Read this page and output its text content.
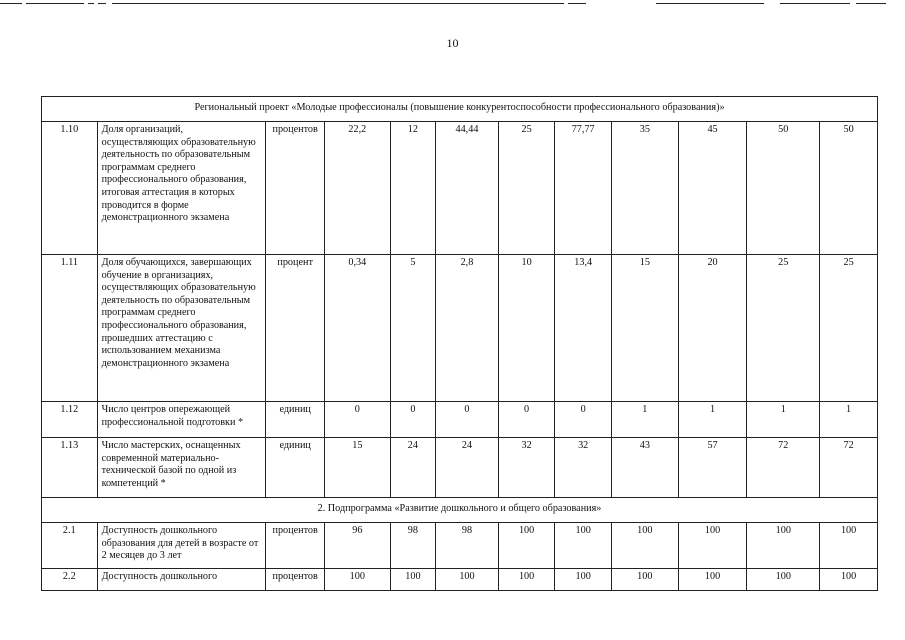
10
Региональный проект «Молодые профессионалы (повышение конкурентоспособности профессионального образования)»											
1.10	Доля организаций, осуществляющих образовательную деятельность по образовательным программам среднего профессионального образования, итоговая аттестация в которых проводится в форме демонстрационного экзамена	процентов	22,2	12	44,44	25	77,77	35	45	50	50
1.11	Доля обучающихся, завершающих обучение в организациях, осуществляющих образовательную деятельность по образовательным программам среднего профессионального образования, прошедших аттестацию с использованием механизма демонстрационного экзамена	процент	0,34	5	2,8	10	13,4	15	20	25	25
1.12	Число центров опережающей профессиональной подготовки *	единиц	0	0	0	0	0	1	1	1	1
1.13	Число мастерских, оснащенных современной материально-технической базой по одной из компетенций *	единиц	15	24	24	32	32	43	57	72	72
2. Подпрограмма «Развитие дошкольного и общего образования»											
2.1	Доступность дошкольного образования для детей в возрасте от 2 месяцев до 3 лет	процентов	96	98	98	100	100	100	100	100	100
2.2	Доступность дошкольного	процентов	100	100	100	100	100	100	100	100	100
